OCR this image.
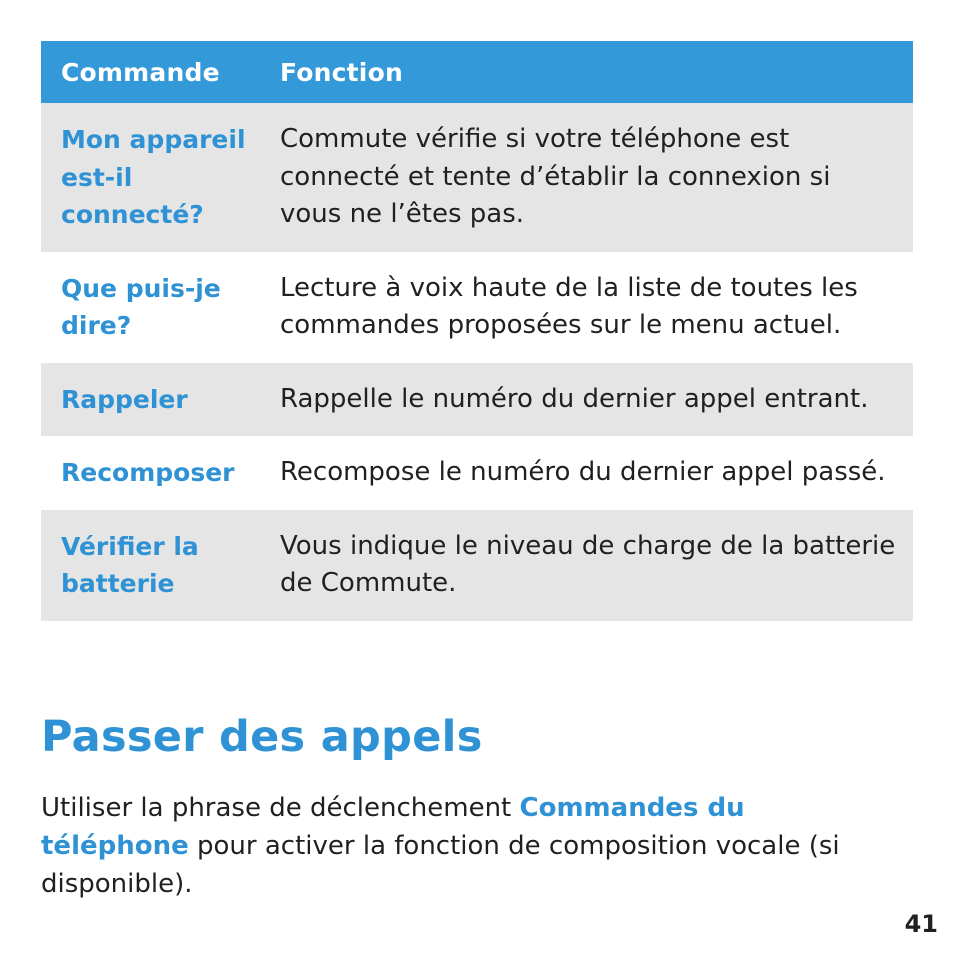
Commande	Fonction
Mon appareil est-il connecté?	Commute vérifie si votre téléphone est connecté et tente d’établir la connexion si vous ne l’êtes pas.
Que puis-je dire?	Lecture à voix haute de la liste de toutes les commandes proposées sur le menu actuel.
Rappeler	Rappelle le numéro du dernier appel entrant.
Recomposer	Recompose le numéro du dernier appel passé.
Vérifier la batterie	Vous indique le niveau de charge de la batterie de Commute.
Passer des appels

Utiliser la phrase de déclenchement Commandes du téléphone pour activer la fonction de composition vocale (si disponible).

41
